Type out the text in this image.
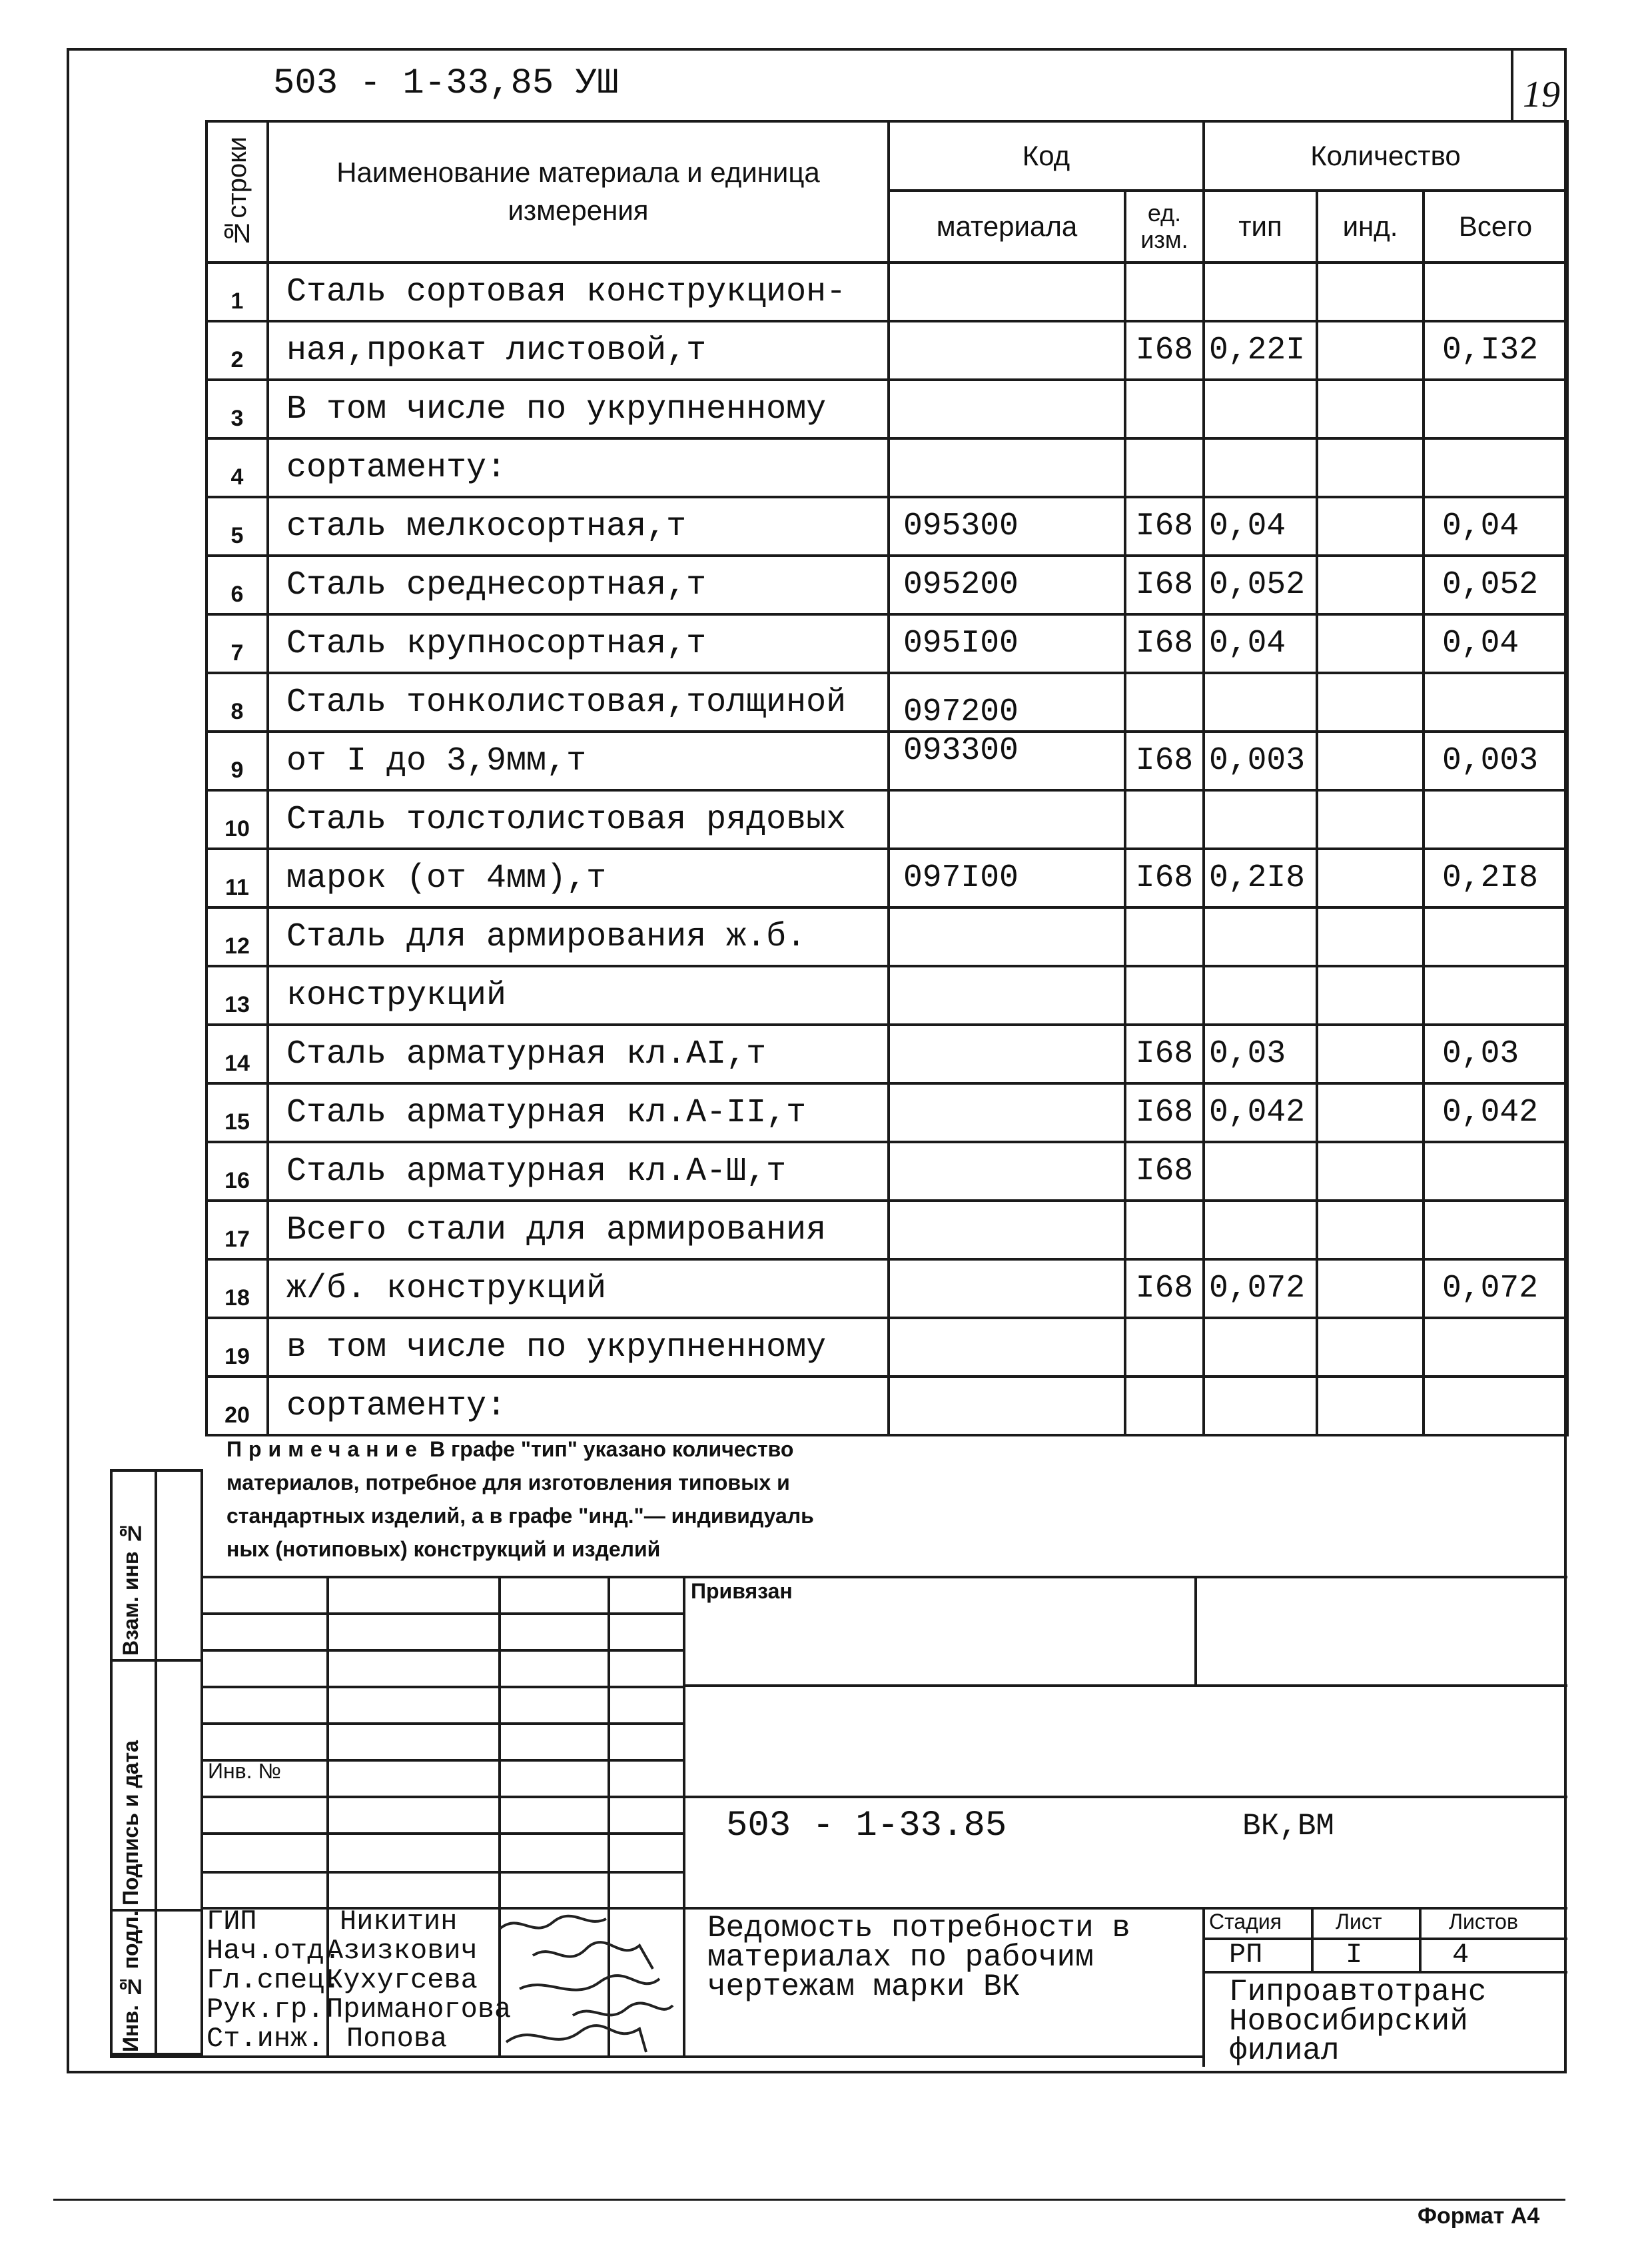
503 - 1-33,85 УШ	19
№строки	Наименование материала и единица измерения	Код		Количество		
		материала	ед. изм.	тип	инд.	Всего
1	Сталь сортовая конструкцион-					
2	ная,прокат листовой,т		I68	0,22I		0,I32
3	В том числе по укрупненному					
4	сортаменту:					
5	сталь мелкосортная,т	095300	I68	0,04		0,04
6	Сталь среднесортная,т	095200	I68	0,052		0,052
7	Сталь крупносортная,т	095I00	I68	0,04		0,04
8	Сталь тонколистовая,толщиной	097200				
9	от I до 3,9мм,т	093300	I68	0,003		0,003
10	Сталь толстолистовая рядовых					
11	марок (от 4мм),т	097I00	I68	0,2I8		0,2I8
12	Сталь для армирования ж.б.					
13	конструкций					
14	Сталь арматурная кл.АI,т		I68	0,03		0,03
15	Сталь арматурная кл.А-II,т		I68	0,042		0,042
16	Сталь арматурная кл.А-Ш,т		I68			
17	Всего стали для армирования					
18	ж/б. конструкций		I68	0,072		0,072
19	в том числе по укрупненному					
20	сортаменту:					
Примечание В графе "тип" указано количество
материалов, потребное для изготовления типовых и
стандартных изделий, а в графе "инд."— индивидуаль
ных (нотиповых) конструкций и изделий
Взам. инв №
Подпись и дата
Инв. № подл.
Привязан
Инв. №
503 - 1-33.85	ВК,ВМ
ГИП	Никитин
Нач.отд.
Азизкович
Гл.спец.
Кухугсева
Рук.гр. Приманогова
Ст.инж. Попова
Ведомость потребности в
материалах по рабочим
чертежам марки ВК
Стадия	Лист	Листов
РП	I	4
Гипроавтотранс
Новосибирский
филиал
Формат А4
